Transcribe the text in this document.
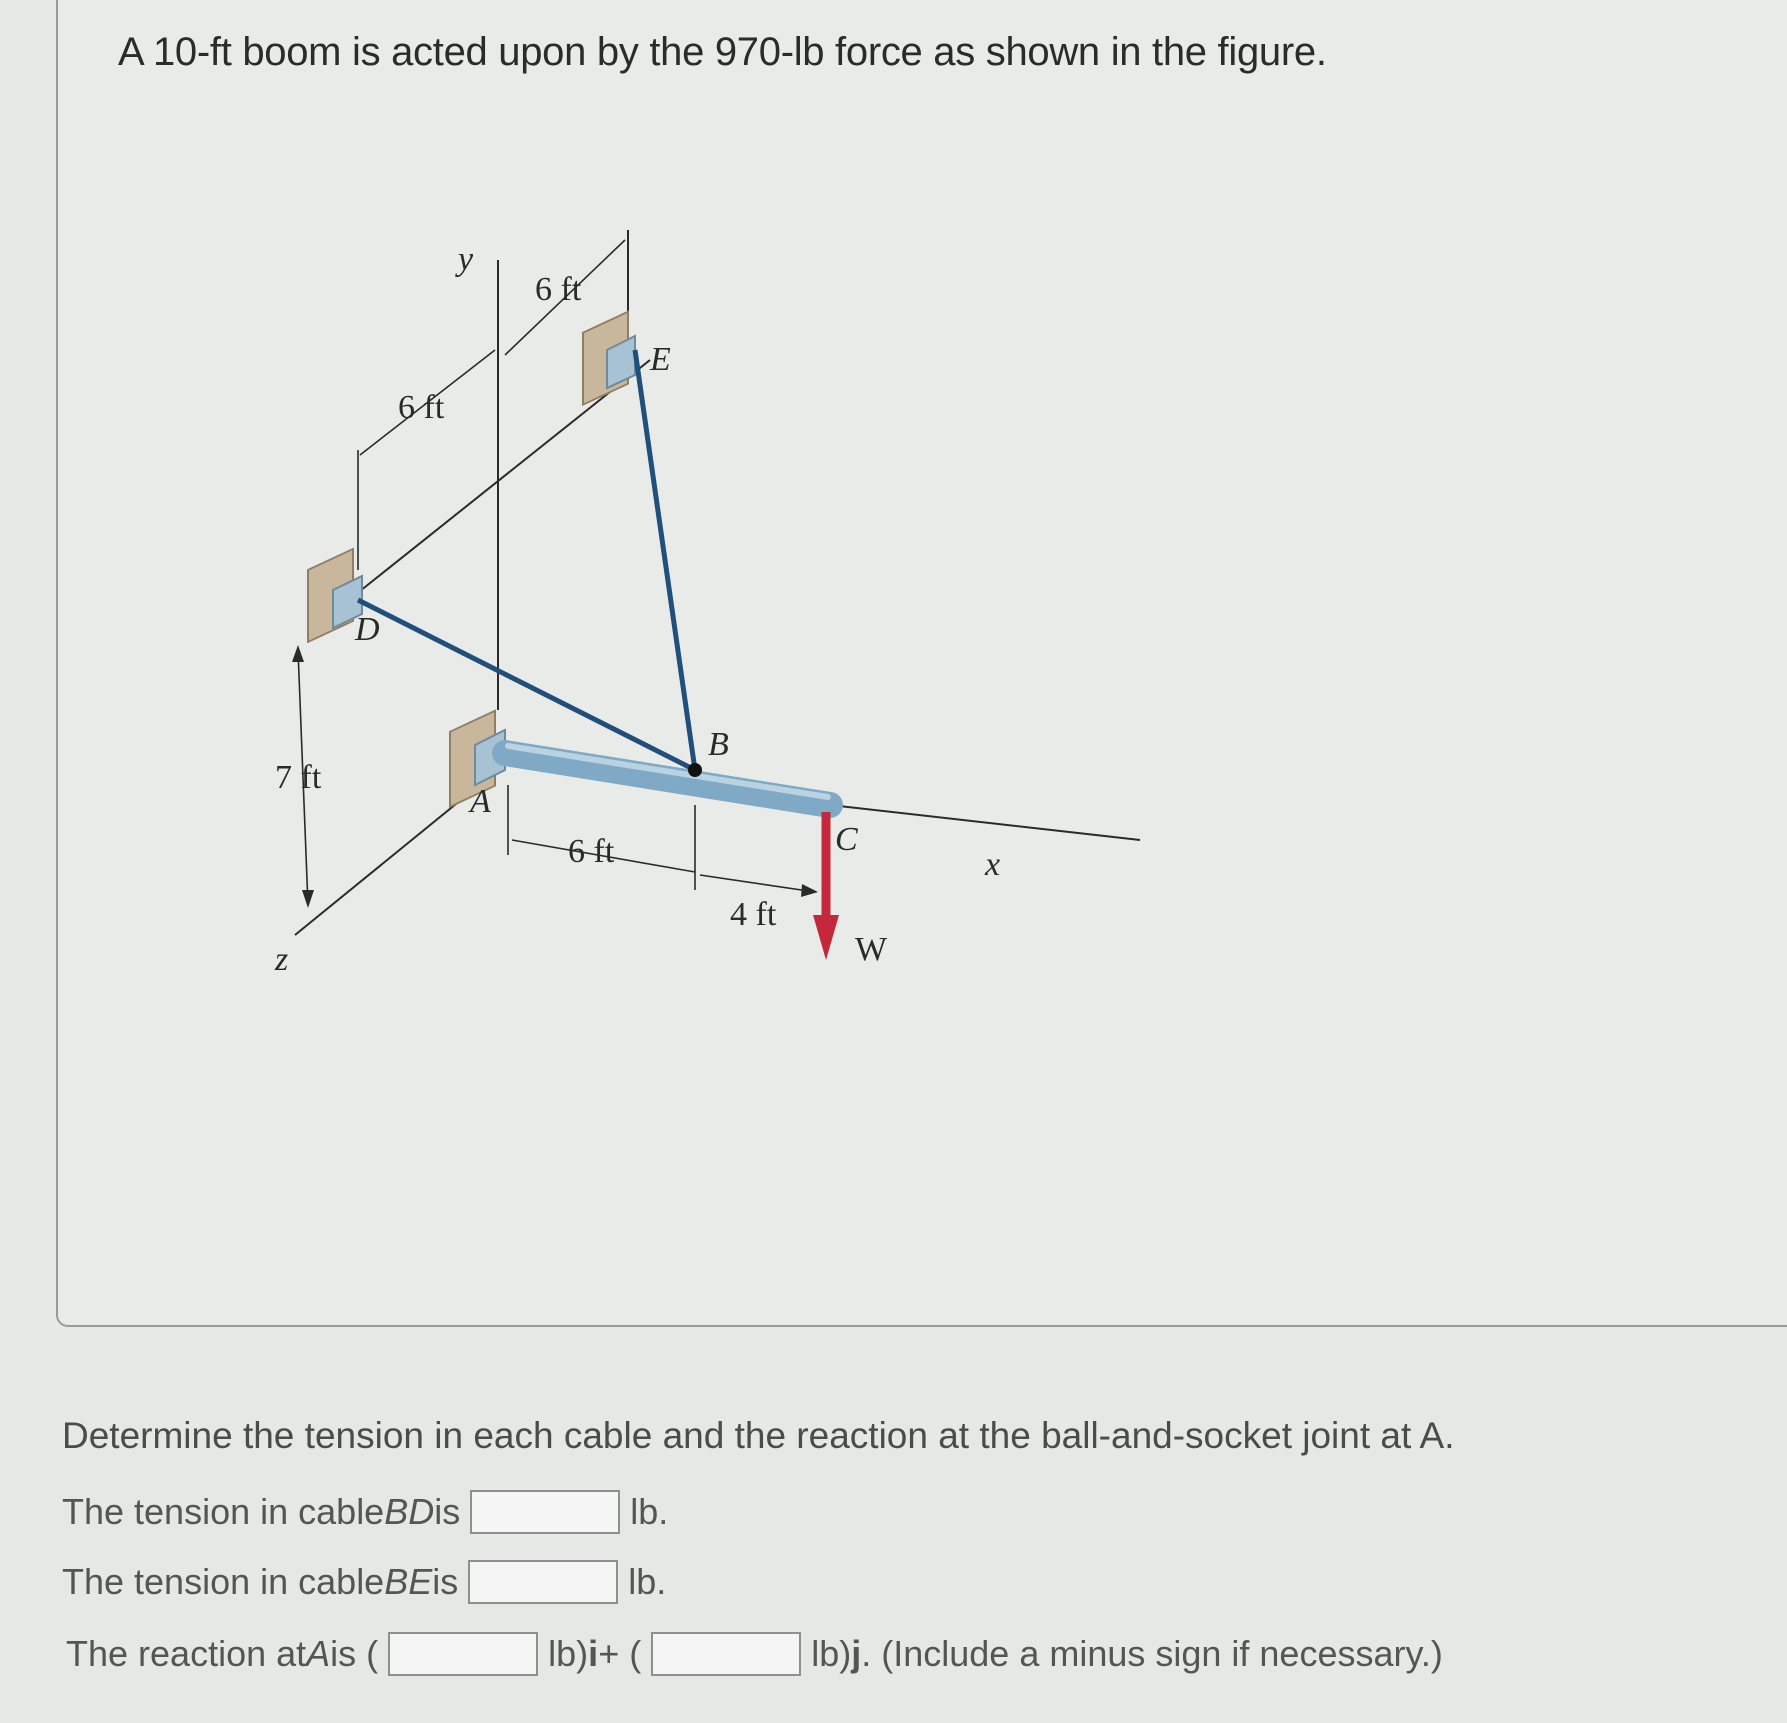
A 10-ft boom is acted upon by the 970-lb force as shown in the figure.
y
6 ft
E
6 ft
D
B
7 ft
A
C
6 ft	x
4 ft
W
z
Determine the tension in each cable and the reaction at the ball-and-socket joint at A.
The tension in cable BD is	lb.
The tension in cable BE is	lb.
The reaction at A is (	lb) i + (	lb) j . (Include a minus sign if necessary.)
